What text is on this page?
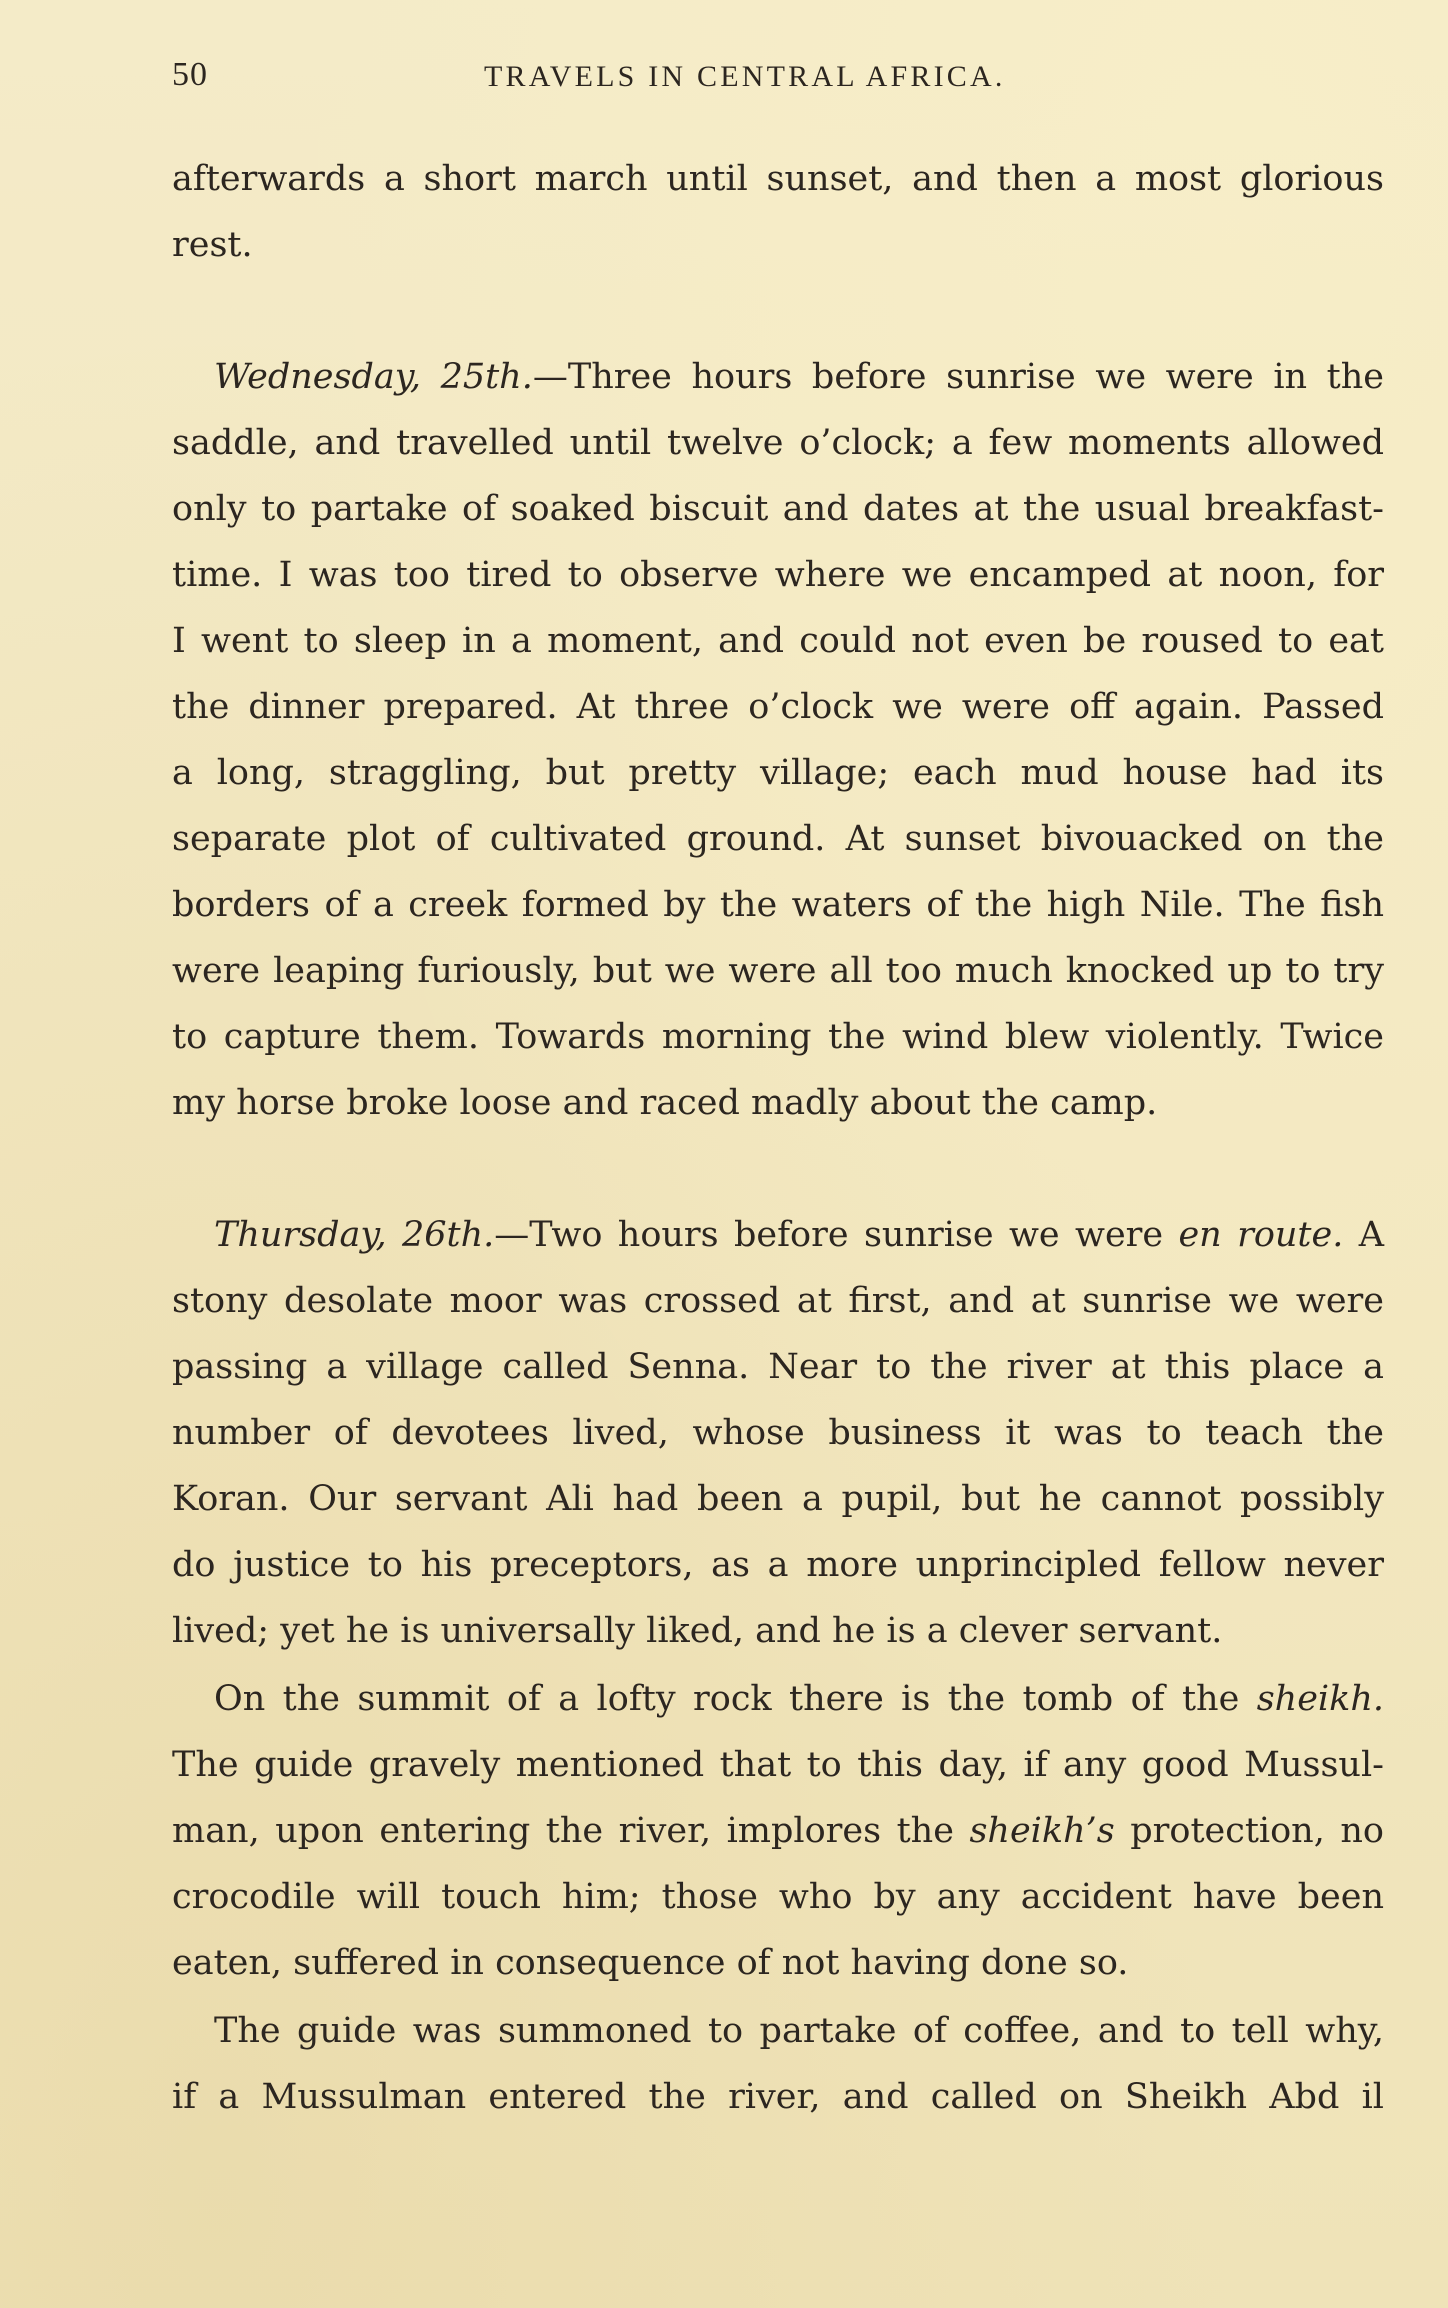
50	TRAVELS IN CENTRAL AFRICA.
afterwards a short march until sunset, and then a most glorious
rest.
Wednesday, 25th.—Three hours before sunrise we were in the
saddle, and travelled until twelve o’clock; a few moments allowed
only to partake of soaked biscuit and dates at the usual breakfast-
time. I was too tired to observe where we encamped at noon, for
I went to sleep in a moment, and could not even be roused to eat
the dinner prepared. At three o’clock we were off again. Passed
a long, straggling, but pretty village; each mud house had its
separate plot of cultivated ground. At sunset bivouacked on the
borders of a creek formed by the waters of the high Nile. The fish
were leaping furiously, but we were all too much knocked up to try
to capture them. Towards morning the wind blew violently. Twice
my horse broke loose and raced madly about the camp.
Thursday, 26th.—Two hours before sunrise we were en route. A
stony desolate moor was crossed at first, and at sunrise we were
passing a village called Senna. Near to the river at this place a
number of devotees lived, whose business it was to teach the
Koran. Our servant Ali had been a pupil, but he cannot possibly
do justice to his preceptors, as a more unprincipled fellow never
lived; yet he is universally liked, and he is a clever servant.
On the summit of a lofty rock there is the tomb of the sheikh.
The guide gravely mentioned that to this day, if any good Mussul-
man, upon entering the river, implores the sheikh’s protection, no
crocodile will touch him; those who by any accident have been
eaten, suffered in consequence of not having done so.
The guide was summoned to partake of coffee, and to tell why,
if a Mussulman entered the river, and called on Sheikh Abd il
